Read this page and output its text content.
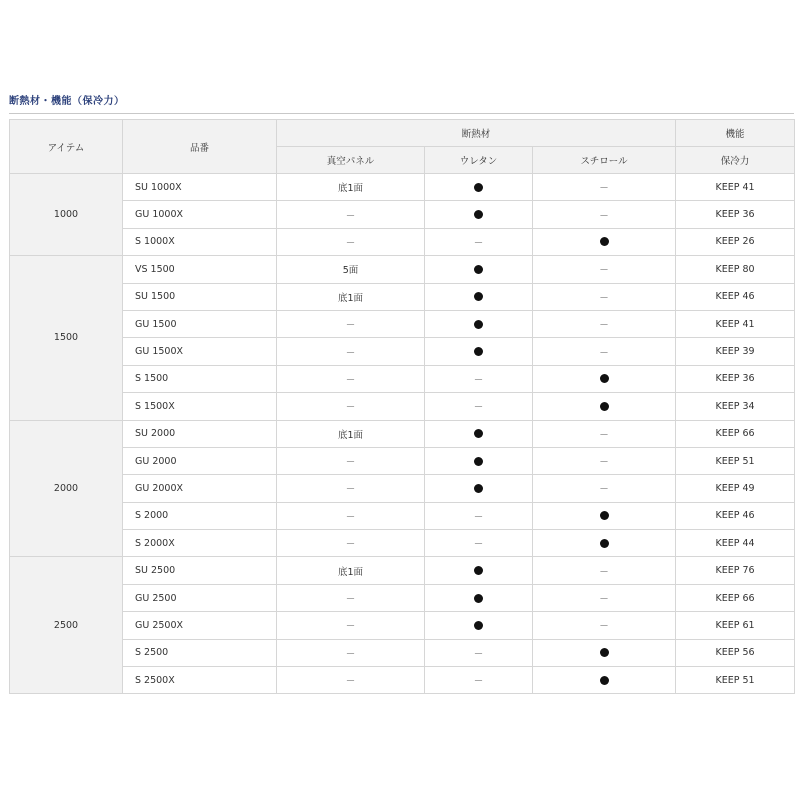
断熱材・機能（保冷力）
アイテム	品番	断熱材			機能
		真空パネル	ウレタン	スチロール	保冷力
1000	SU 1000X	底1面		－	KEEP 41
	GU 1000X	－		－	KEEP 36
	S 1000X	－	－		KEEP 26
1500	VS 1500	5面		－	KEEP 80
	SU 1500	底1面		－	KEEP 46
	GU 1500	－		－	KEEP 41
	GU 1500X	－		－	KEEP 39
	S 1500	－	－		KEEP 36
	S 1500X	－	－		KEEP 34
2000	SU 2000	底1面		－	KEEP 66
	GU 2000	－		－	KEEP 51
	GU 2000X	－		－	KEEP 49
	S 2000	－	－		KEEP 46
	S 2000X	－	－		KEEP 44
2500	SU 2500	底1面		－	KEEP 76
	GU 2500	－		－	KEEP 66
	GU 2500X	－		－	KEEP 61
	S 2500	－	－		KEEP 56
	S 2500X	－	－		KEEP 51
